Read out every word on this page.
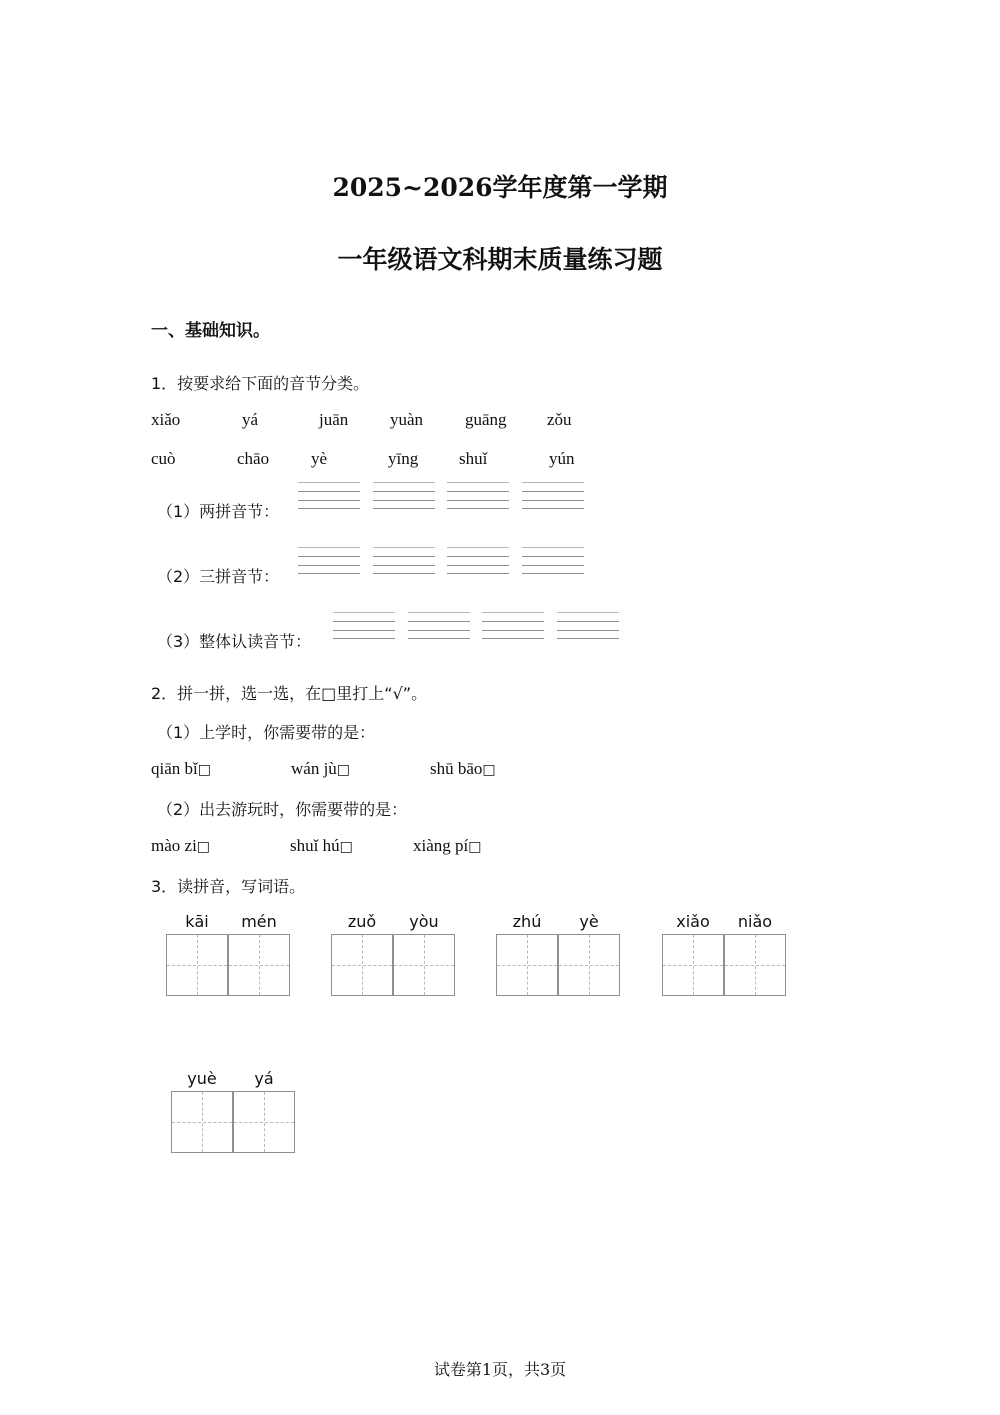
2025~2026学年度第一学期
一年级语文科期末质量练习题
一、基础知识。
1．按要求给下面的音节分类。
xiǎo	yá	juān yuàn guāng zǒu
cuò	chāo yè	yīng shuǐ	yún
（1）两拼音节：
（2）三拼音节：
（3）整体认读音节：
2．拼一拼，选一选，在□里打上“√”。
（1）上学时，你需要带的是：
qiān bǐ□	wán jù□	shū bāo□
（2）出去游玩时，你需要带的是：
mào zi□	shuǐ hú□	xiàng pí□
3．读拼音，写词语。
kāi	mén	zuǒ	yòu	zhú	yè	xiǎo	niǎo
yuè	yá
试卷第1页，共3页
